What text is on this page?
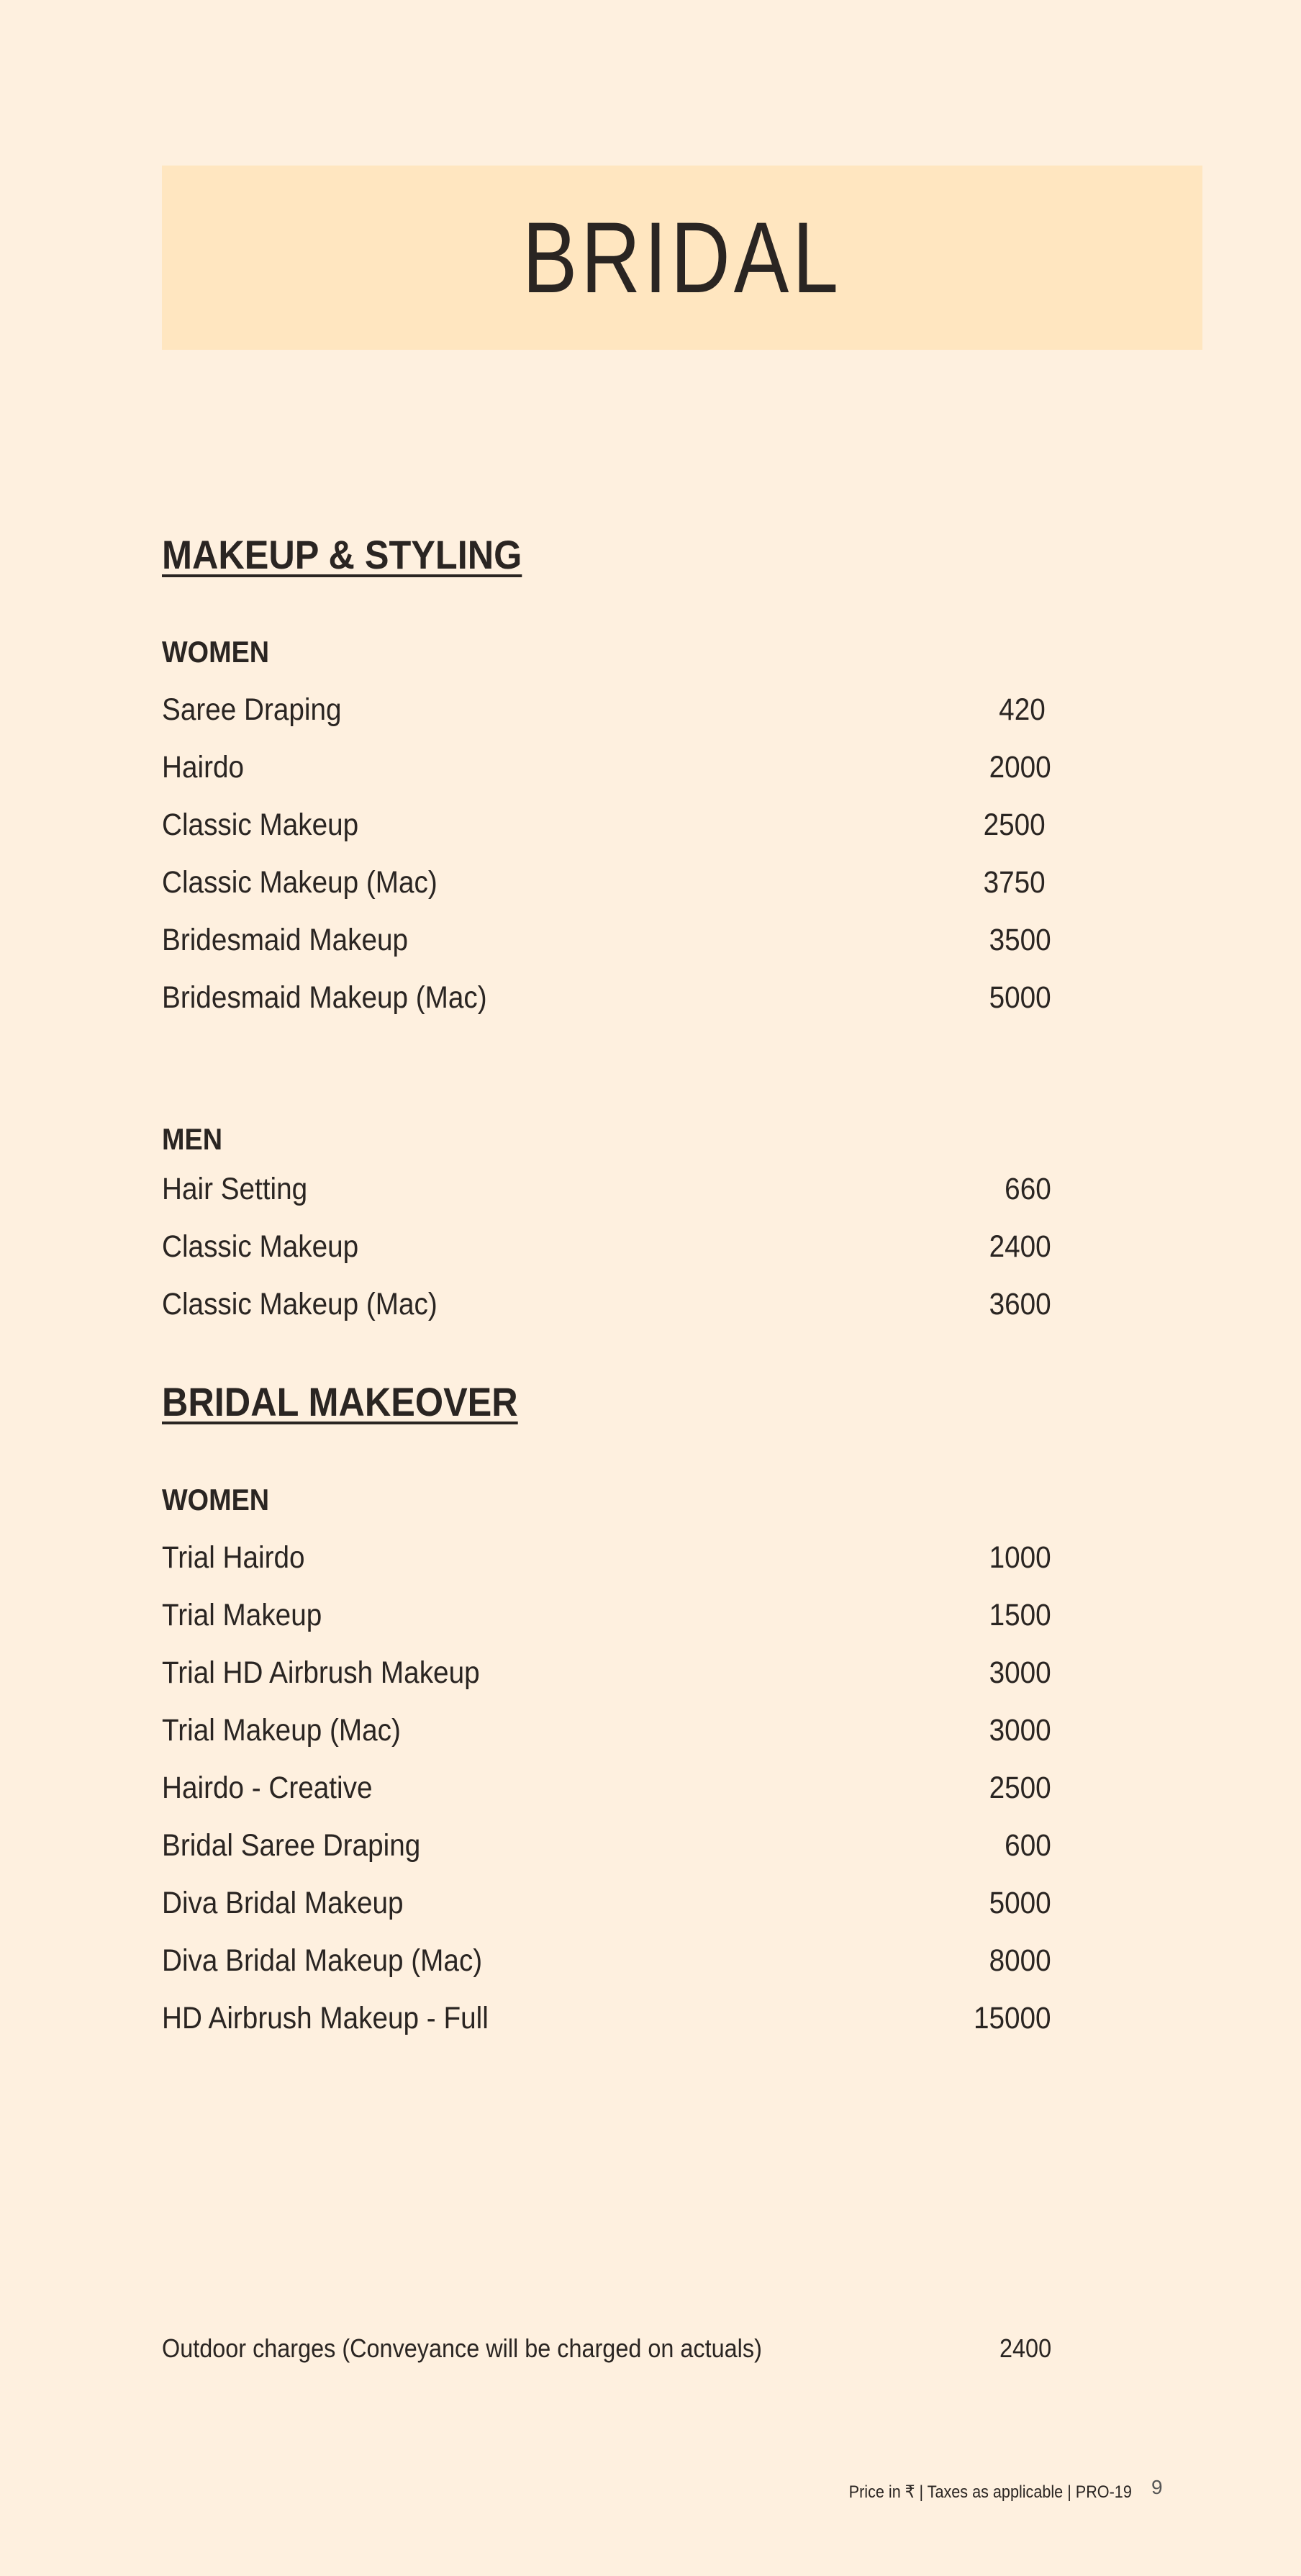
BRIDAL
MAKEUP & STYLING
WOMEN
Saree Draping	420
Hairdo	2000
Classic Makeup	2500
Classic Makeup (Mac)	3750
Bridesmaid Makeup	3500
Bridesmaid Makeup (Mac)	5000
MEN
Hair Setting	660
Classic Makeup	2400
Classic Makeup (Mac)	3600
BRIDAL MAKEOVER
WOMEN
Trial Hairdo	1000
Trial Makeup	1500
Trial HD Airbrush Makeup	3000
Trial Makeup (Mac)	3000
Hairdo - Creative	2500
Bridal Saree Draping	600
Diva Bridal Makeup	5000
Diva Bridal Makeup (Mac)	8000
HD Airbrush Makeup - Full	15000
Outdoor charges (Conveyance will be charged on actuals)	2400
Price in ₹ | Taxes as applicable | PRO-19 9
